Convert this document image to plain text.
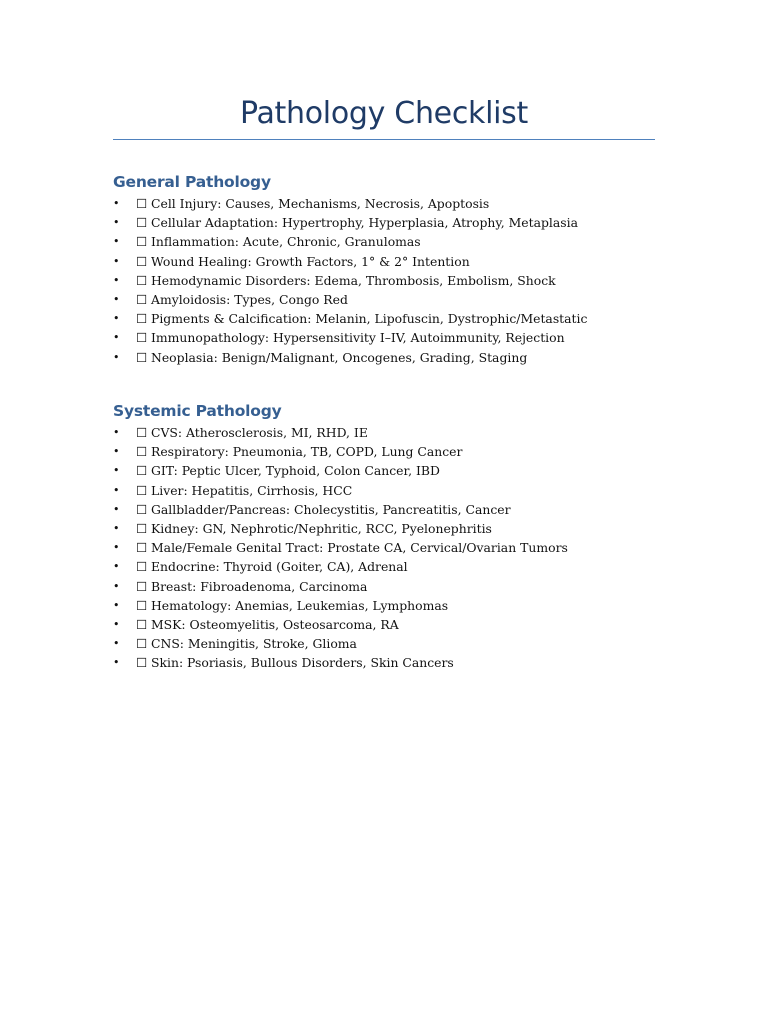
Pathology Checklist
General Pathology
• ☐ Cell Injury: Causes, Mechanisms, Necrosis, Apoptosis
• ☐ Cellular Adaptation: Hypertrophy, Hyperplasia, Atrophy, Metaplasia
• ☐ Inflammation: Acute, Chronic, Granulomas
• ☐ Wound Healing: Growth Factors, 1° & 2° Intention
• ☐ Hemodynamic Disorders: Edema, Thrombosis, Embolism, Shock
• ☐ Amyloidosis: Types, Congo Red
• ☐ Pigments & Calcification: Melanin, Lipofuscin, Dystrophic/Metastatic
• ☐ Immunopathology: Hypersensitivity I–IV, Autoimmunity, Rejection
• ☐ Neoplasia: Benign/Malignant, Oncogenes, Grading, Staging
Systemic Pathology
• ☐ CVS: Atherosclerosis, MI, RHD, IE
• ☐ Respiratory: Pneumonia, TB, COPD, Lung Cancer
• ☐ GIT: Peptic Ulcer, Typhoid, Colon Cancer, IBD
• ☐ Liver: Hepatitis, Cirrhosis, HCC
• ☐ Gallbladder/Pancreas: Cholecystitis, Pancreatitis, Cancer
• ☐ Kidney: GN, Nephrotic/Nephritic, RCC, Pyelonephritis
• ☐ Male/Female Genital Tract: Prostate CA, Cervical/Ovarian Tumors
• ☐ Endocrine: Thyroid (Goiter, CA), Adrenal
• ☐ Breast: Fibroadenoma, Carcinoma
• ☐ Hematology: Anemias, Leukemias, Lymphomas
• ☐ MSK: Osteomyelitis, Osteosarcoma, RA
• ☐ CNS: Meningitis, Stroke, Glioma
• ☐ Skin: Psoriasis, Bullous Disorders, Skin Cancers
